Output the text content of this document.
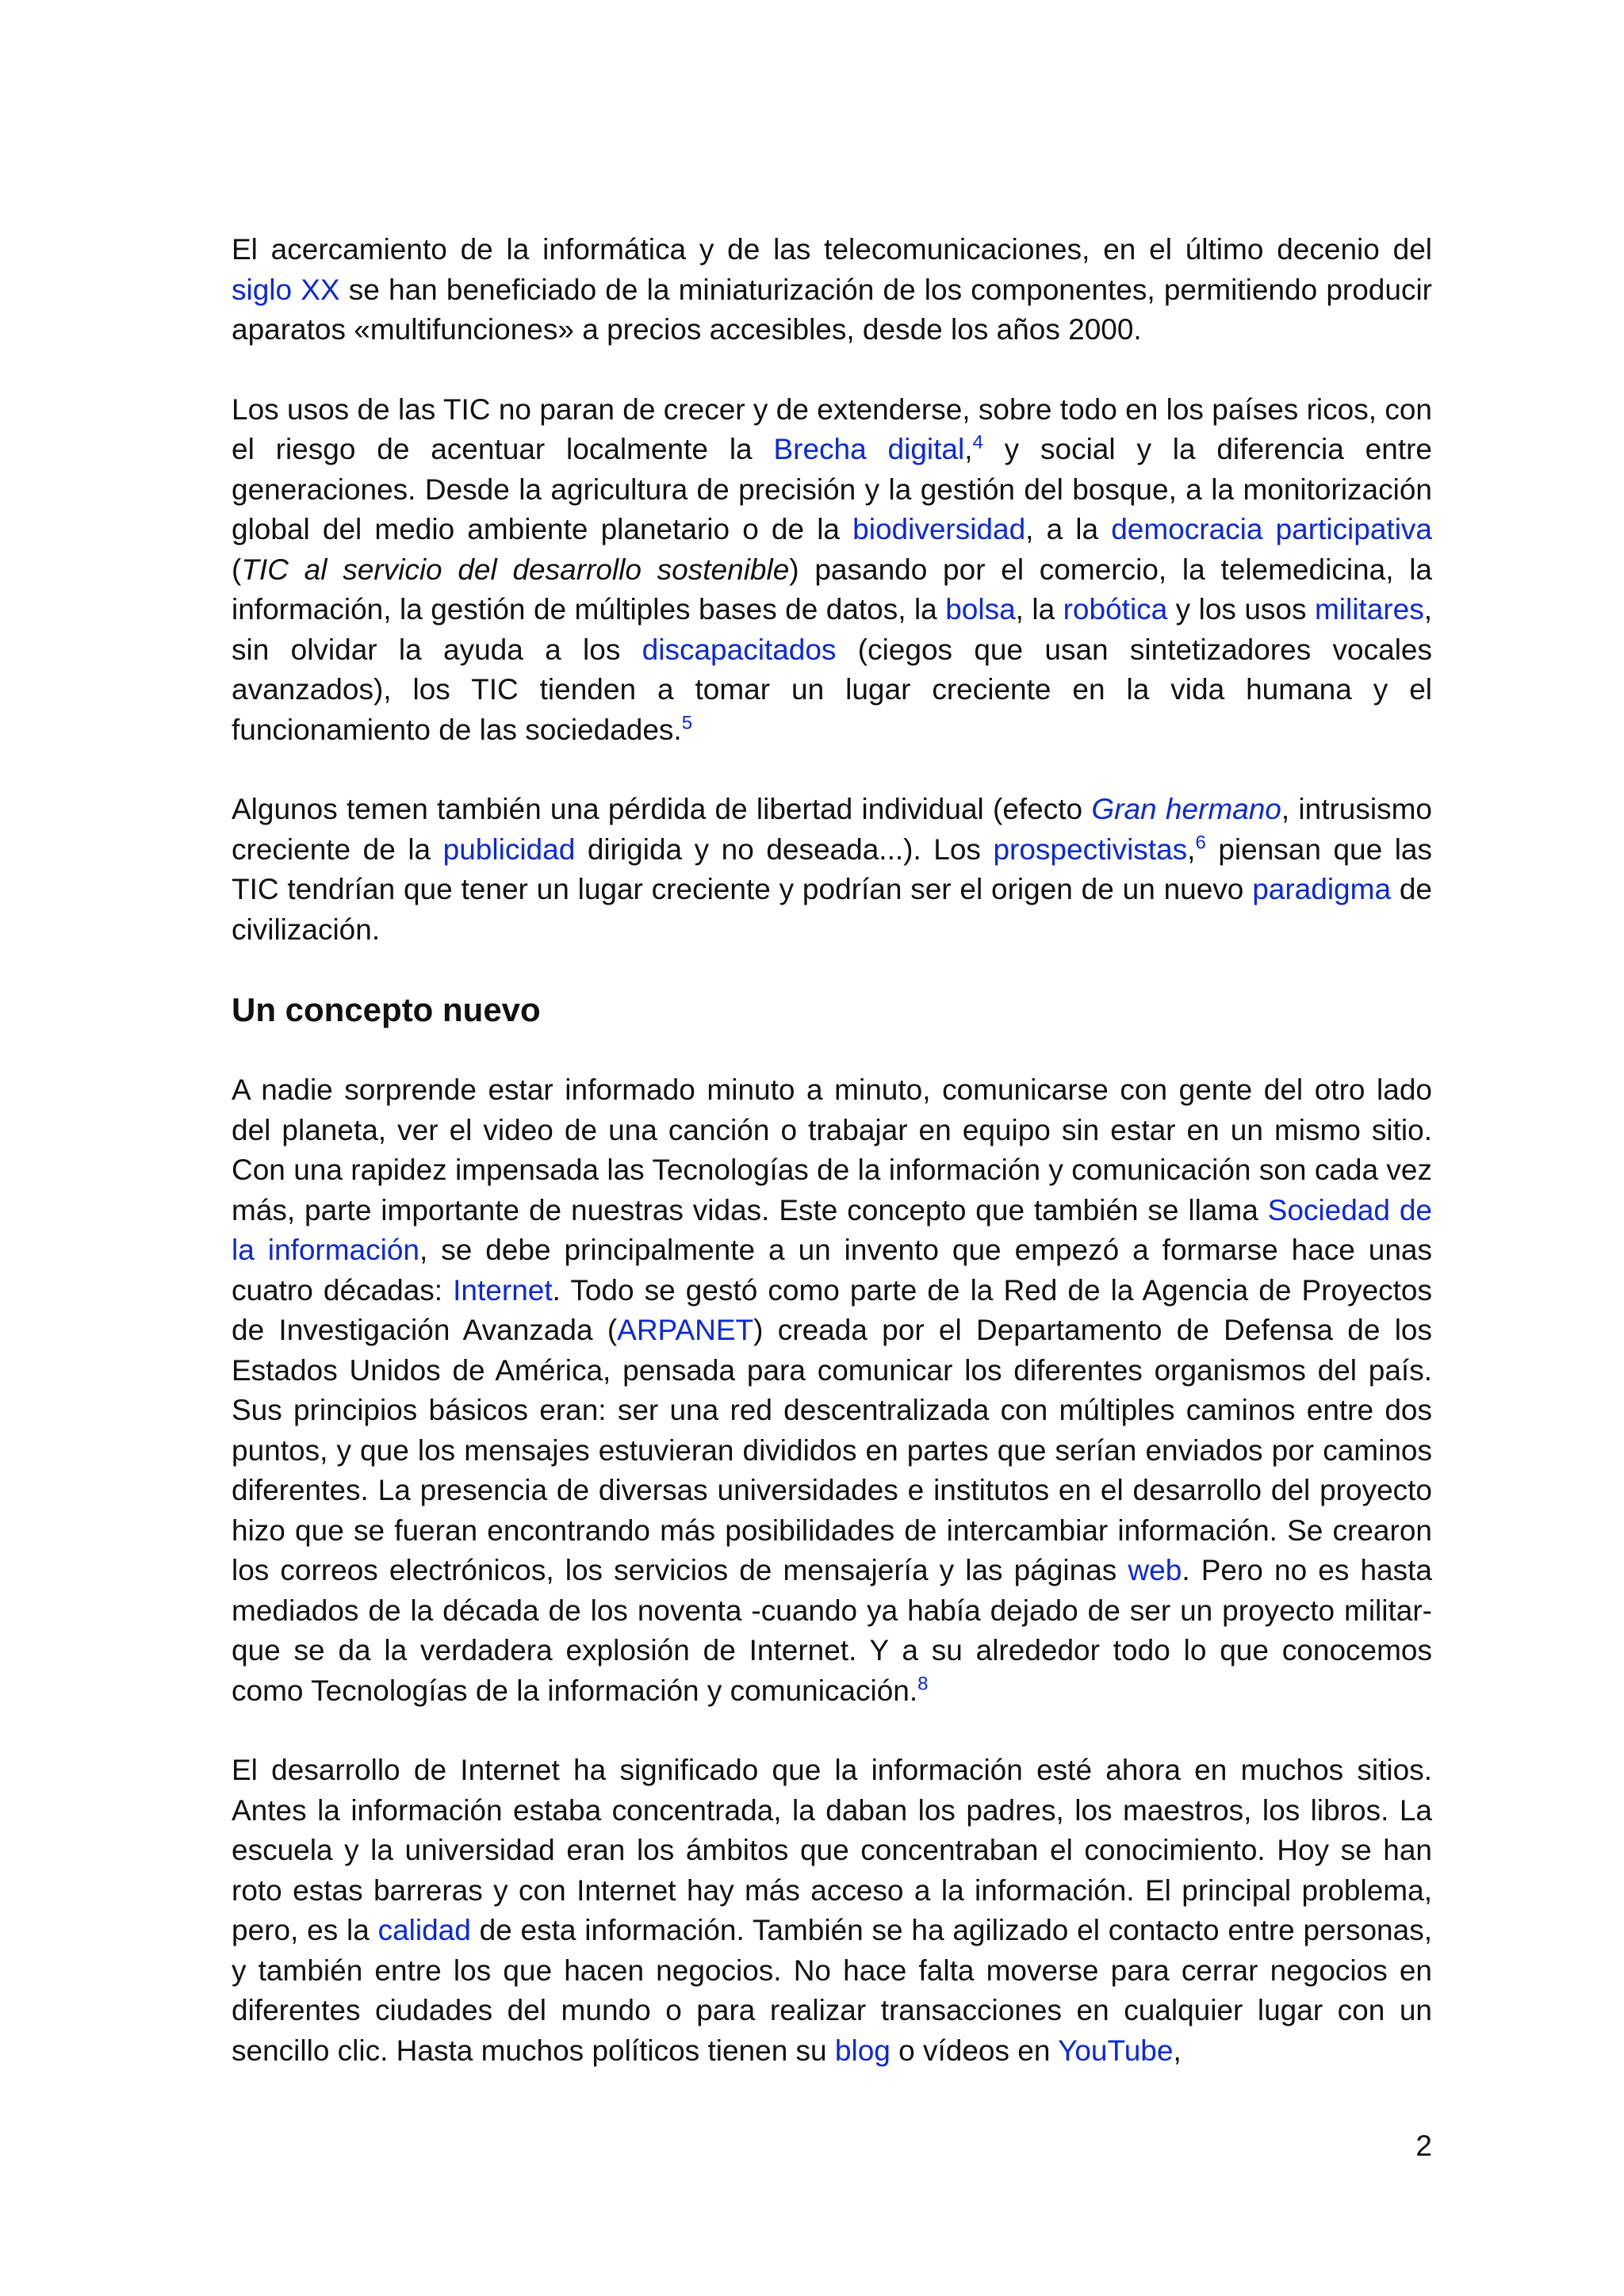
El acercamiento de la informática y de las telecomunicaciones, en el último decenio del siglo XX se han beneficiado de la miniaturización de los componentes, permitiendo producir aparatos «multifunciones» a precios accesibles, desde los años 2000.

Los usos de las TIC no paran de crecer y de extenderse, sobre todo en los países ricos, con el riesgo de acentuar localmente la Brecha digital,$^4$ y social y la diferencia entre generaciones. Desde la agricultura de precisión y la gestión del bosque, a la monitorización global del medio ambiente planetario o de la biodiversidad, a la democracia participativa (TIC al servicio del desarrollo sostenible) pasando por el comercio, la telemedicina, la información, la gestión de múltiples bases de datos, la bolsa, la robótica y los usos militares, sin olvidar la ayuda a los discapacitados (ciegos que usan sintetizadores vocales avanzados), los TIC tienden a tomar un lugar creciente en la vida humana y el funcionamiento de las sociedades.$^5$

Algunos temen también una pérdida de libertad individual (efecto Gran hermano, intrusismo creciente de la publicidad dirigida y no deseada...). Los prospectivistas,$^6$ piensan que las TIC tendrían que tener un lugar creciente y podrían ser el origen de un nuevo paradigma de civilización.

Un concepto nuevo

A nadie sorprende estar informado minuto a minuto, comunicarse con gente del otro lado del planeta, ver el video de una canción o trabajar en equipo sin estar en un mismo sitio. Con una rapidez impensada las Tecnologías de la información y comunicación son cada vez más, parte importante de nuestras vidas. Este concepto que también se llama Sociedad de la información, se debe principalmente a un invento que empezó a formarse hace unas cuatro décadas: Internet. Todo se gestó como parte de la Red de la Agencia de Proyectos de Investigación Avanzada (ARPANET) creada por el Departamento de Defensa de los Estados Unidos de América, pensada para comunicar los diferentes organismos del país. Sus principios básicos eran: ser una red descentralizada con múltiples caminos entre dos puntos, y que los mensajes estuvieran divididos en partes que serían enviados por caminos diferentes. La presencia de diversas universidades e institutos en el desarrollo del proyecto hizo que se fueran encontrando más posibilidades de intercambiar información. Se crearon los correos electrónicos, los servicios de mensajería y las páginas web. Pero no es hasta mediados de la década de los noventa -cuando ya había dejado de ser un proyecto militar- que se da la verdadera explosión de Internet. Y a su alrededor todo lo que conocemos como Tecnologías de la información y comunicación.$^8$

El desarrollo de Internet ha significado que la información esté ahora en muchos sitios. Antes la información estaba concentrada, la daban los padres, los maestros, los libros. La escuela y la universidad eran los ámbitos que concentraban el conocimiento. Hoy se han roto estas barreras y con Internet hay más acceso a la información. El principal problema, pero, es la calidad de esta información. También se ha agilizado el contacto entre personas, y también entre los que hacen negocios. No hace falta moverse para cerrar negocios en diferentes ciudades del mundo o para realizar transacciones en cualquier lugar con un sencillo clic. Hasta muchos políticos tienen su blog o vídeos en YouTube,

2
